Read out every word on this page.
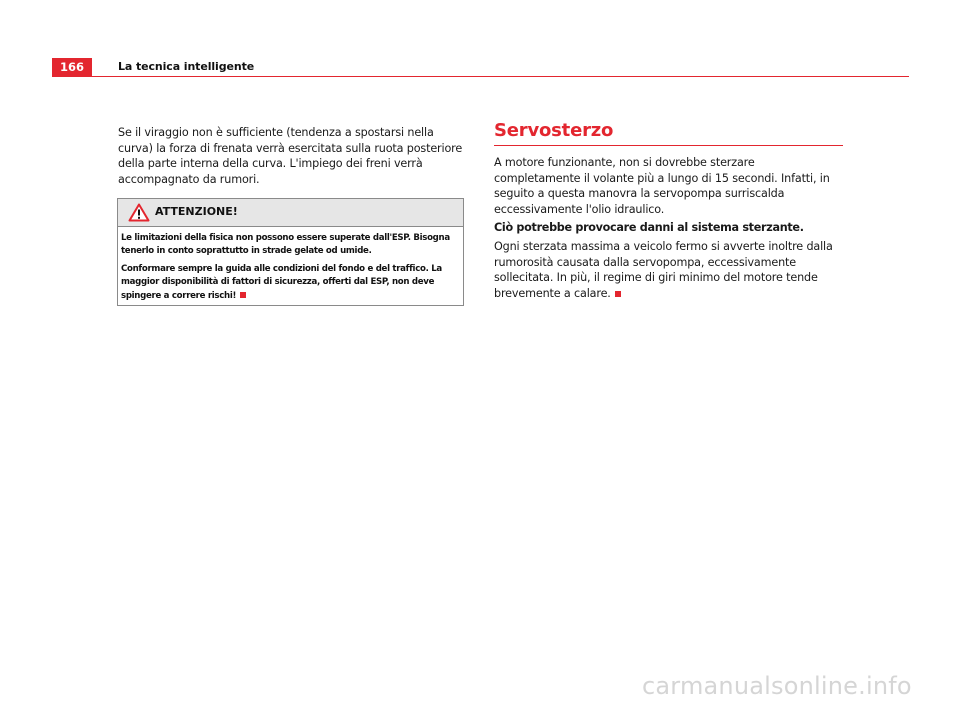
166	La tecnica intelligente

Se il viraggio non è sufficiente (tendenza a spostarsi nella curva) la forza di frenata verrà esercitata sulla ruota posteriore della parte interna della curva. L'impiego dei freni verrà accompagnato da rumori.

ATTENZIONE!

Le limitazioni della fisica non possono essere superate dall'ESP. Bisogna tenerlo in conto soprattutto in strade gelate od umide.

Conformare sempre la guida alle condizioni del fondo e del traffico. La maggior disponibilità di fattori di sicurezza, offerti dal ESP, non deve spingere a correre rischi!

Servosterzo

A motore funzionante, non si dovrebbe sterzare completamente il volante più a lungo di 15 secondi. Infatti, in seguito a questa manovra la servopompa surriscalda eccessivamente l'olio idraulico.

Ciò potrebbe provocare danni al sistema sterzante.

Ogni sterzata massima a veicolo fermo si avverte inoltre dalla rumorosità causata dalla servopompa, eccessivamente sollecitata. In più, il regime di giri minimo del motore tende brevemente a calare.

carmanualsonline.info
